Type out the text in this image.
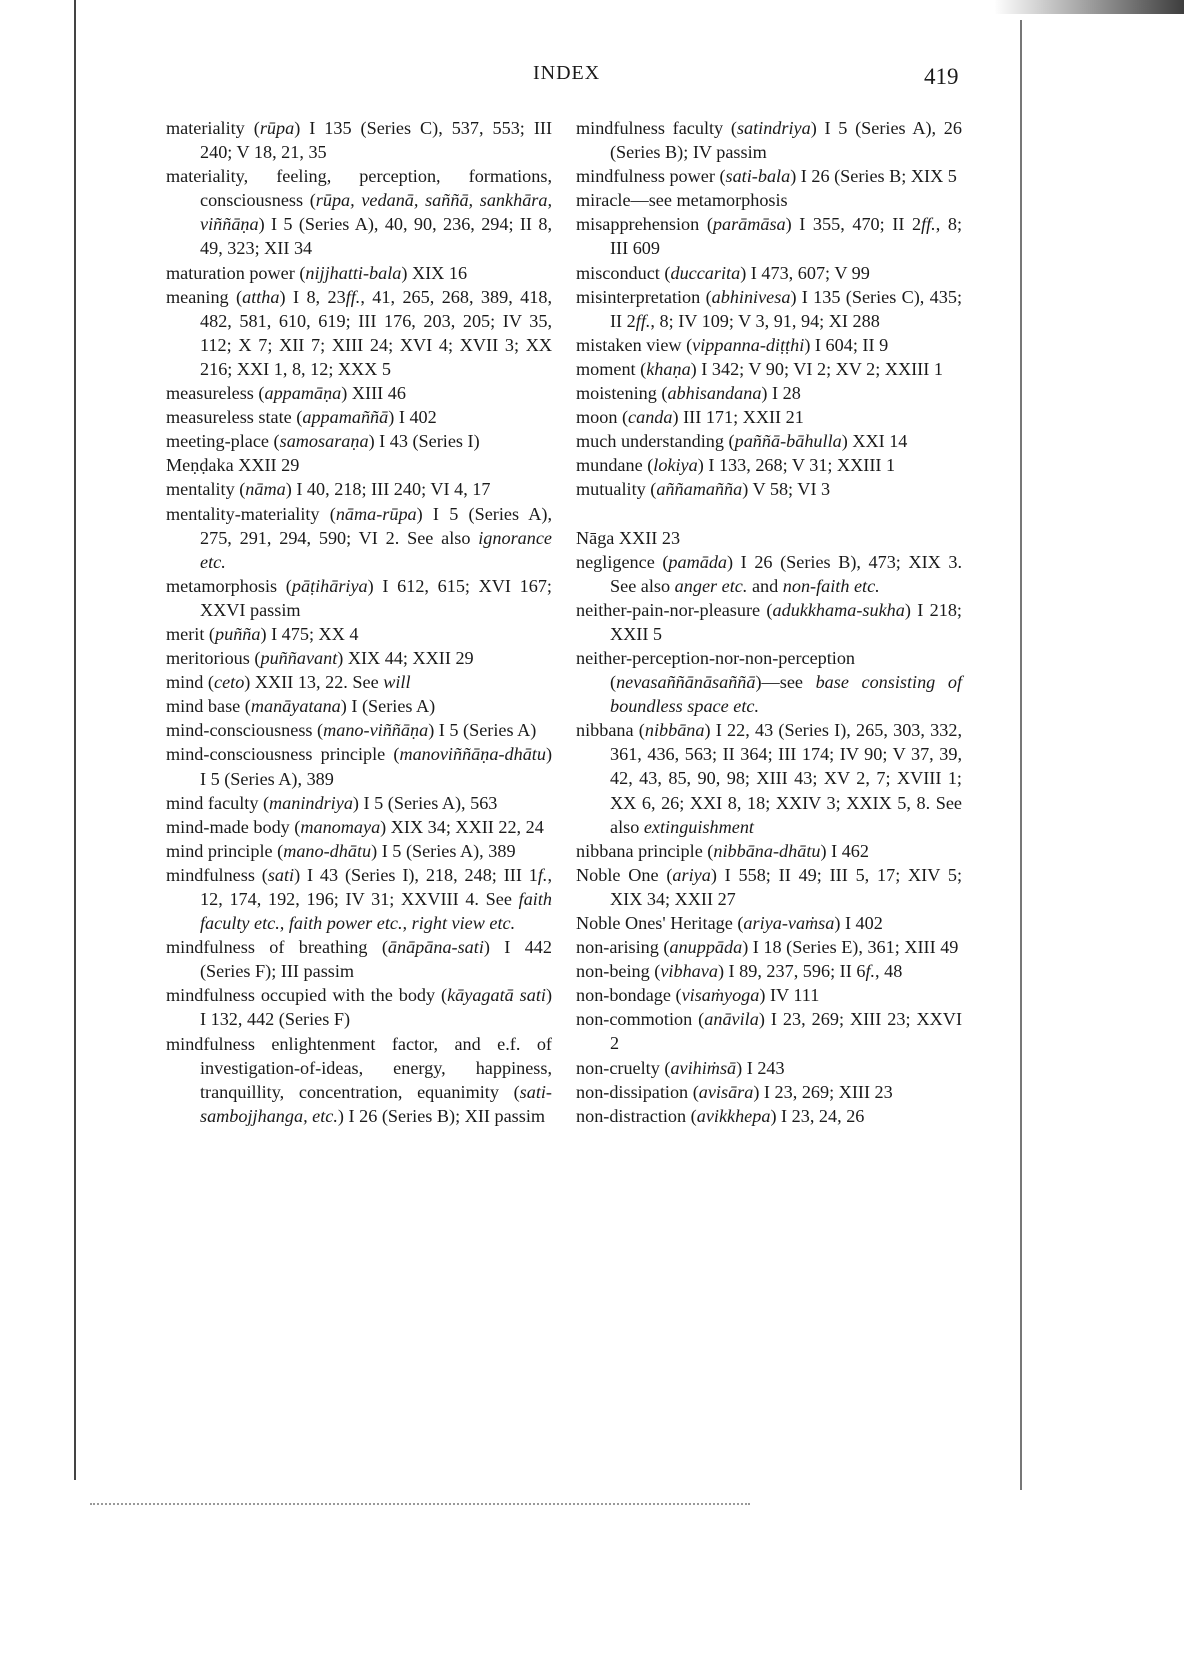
INDEX	419
materiality (rūpa) I 135 (Series C), 537, 553; III 240; V 18, 21, 35
materiality, feeling, perception, formations, consciousness (rūpa, vedanā, saññā, sankhāra, viññāṇa) I 5 (Series A), 40, 90, 236, 294; II 8, 49, 323; XII 34
maturation power (nijjhatti-bala) XIX 16
meaning (attha) I 8, 23ff., 41, 265, 268, 389, 418, 482, 581, 610, 619; III 176, 203, 205; IV 35, 112; X 7; XII 7; XIII 24; XVI 4; XVII 3; XX 216; XXI 1, 8, 12; XXX 5
measureless (appamāṇa) XIII 46
measureless state (appamaññā) I 402
meeting-place (samosaraṇa) I 43 (Series I)
Meṇḍaka XXII 29
mentality (nāma) I 40, 218; III 240; VI 4, 17
mentality-materiality (nāma-rūpa) I 5 (Series A), 275, 291, 294, 590; VI 2. See also ignorance etc.
metamorphosis (pāṭihāriya) I 612, 615; XVI 167; XXVI passim
merit (puñña) I 475; XX 4
meritorious (puññavant) XIX 44; XXII 29
mind (ceto) XXII 13, 22. See will
mind base (manāyatana) I (Series A)
mind-consciousness (mano-viññāṇa) I 5 (Series A)
mind-consciousness principle (manoviññāṇa-dhātu) I 5 (Series A), 389
mind faculty (manindriya) I 5 (Series A), 563
mind-made body (manomaya) XIX 34; XXII 22, 24
mind principle (mano-dhātu) I 5 (Series A), 389
mindfulness (sati) I 43 (Series I), 218, 248; III 1f., 12, 174, 192, 196; IV 31; XXVIII 4. See faith faculty etc., faith power etc., right view etc.
mindfulness of breathing (ānāpāna-sati) I 442 (Series F); III passim
mindfulness occupied with the body (kāyagatā sati) I 132, 442 (Series F)
mindfulness enlightenment factor, and e.f. of investigation-of-ideas, energy, happiness, tranquillity, concentration, equanimity (sati-sambojjhanga, etc.) I 26 (Series B); XII passim
mindfulness faculty (satindriya) I 5 (Series A), 26 (Series B); IV passim
mindfulness power (sati-bala) I 26 (Series B; XIX 5
miracle—see metamorphosis
misapprehension (parāmāsa) I 355, 470; II 2ff., 8; III 609
misconduct (duccarita) I 473, 607; V 99
misinterpretation (abhinivesa) I 135 (Series C), 435; II 2ff., 8; IV 109; V 3, 91, 94; XI 288
mistaken view (vippanna-diṭṭhi) I 604; II 9
moment (khaṇa) I 342; V 90; VI 2; XV 2; XXIII 1
moistening (abhisandana) I 28
moon (canda) III 171; XXII 21
much understanding (paññā-bāhulla) XXI 14
mundane (lokiya) I 133, 268; V 31; XXIII 1
mutuality (aññamañña) V 58; VI 3
Nāga XXII 23
negligence (pamāda) I 26 (Series B), 473; XIX 3. See also anger etc. and non-faith etc.
neither-pain-nor-pleasure (adukkhama-sukha) I 218; XXII 5
neither-perception-nor-non-perception (nevasaññānāsaññā)—see base consisting of boundless space etc.
nibbana (nibbāna) I 22, 43 (Series I), 265, 303, 332, 361, 436, 563; II 364; III 174; IV 90; V 37, 39, 42, 43, 85, 90, 98; XIII 43; XV 2, 7; XVIII 1; XX 6, 26; XXI 8, 18; XXIV 3; XXIX 5, 8. See also extinguishment
nibbana principle (nibbāna-dhātu) I 462
Noble One (ariya) I 558; II 49; III 5, 17; XIV 5; XIX 34; XXII 27
Noble Ones' Heritage (ariya-vaṁsa) I 402
non-arising (anuppāda) I 18 (Series E), 361; XIII 49
non-being (vibhava) I 89, 237, 596; II 6f., 48
non-bondage (visaṁyoga) IV 111
non-commotion (anāvila) I 23, 269; XIII 23; XXVI 2
non-cruelty (avihiṁsā) I 243
non-dissipation (avisāra) I 23, 269; XIII 23
non-distraction (avikkhepa) I 23, 24, 26
